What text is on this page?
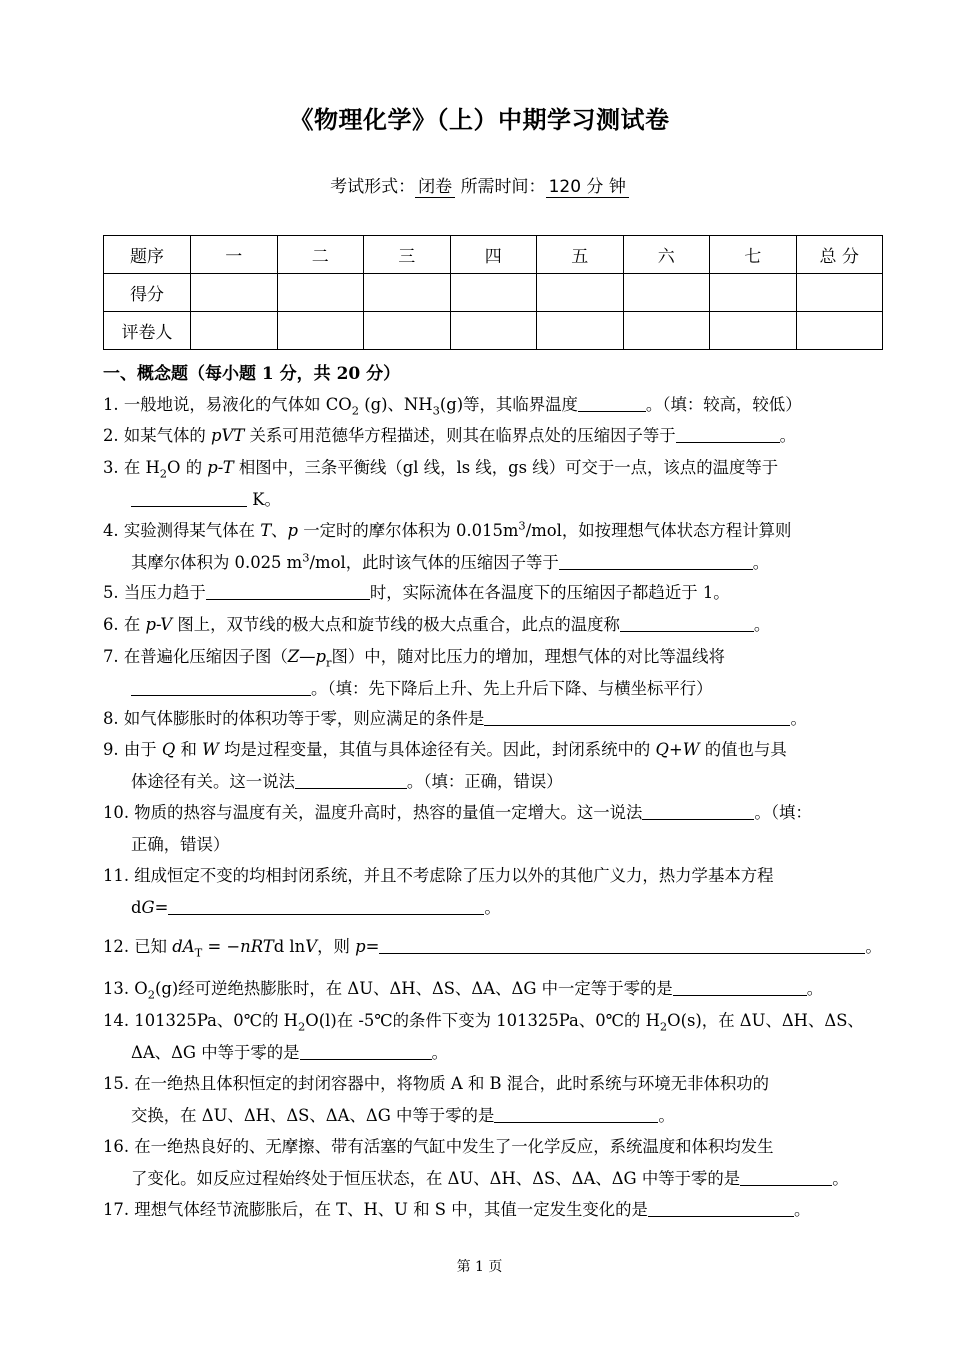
《物理化学》（上）中期学习测试卷
考试形式： 闭卷 所需时间： 120 分 钟
题序	一	二	三	四	五	六	七	总 分
得分								
评卷人								
一、概念题（每小题 1 分，共 20 分）
1. 一般地说，易液化的气体如 $CO_2$ (g)、$NH_3(g)$等，其临界温度	。（填：较高，较低）
2. 如某气体的 pVT 关系可用范德华方程描述，则其在临界点处的压缩因子等于	。
3. 在 $H_2O$ 的 p-T 相图中，三条平衡线（gl 线，ls 线，gs 线）可交于一点，该点的温度等于
K。
4. 实验测得某气体在 T、p 一定时的摩尔体积为 $0.015m^3$/mol，如按理想气体状态方程计算则
其摩尔体积为 0.025 $m^3$/mol，此时该气体的压缩因子等于	。
5. 当压力趋于	时，实际流体在各温度下的压缩因子都趋近于 1。
6. 在 p-V 图上，双节线的极大点和旋节线的极大点重合，此点的温度称	。
7. 在普遍化压缩因子图（$Z—p_r$图）中，随对比压力的增加，理想气体的对比等温线将
。（填：先下降后上升、先上升后下降、与横坐标平行）
8. 如气体膨胀时的体积功等于零，则应满足的条件是	。
9. 由于 Q 和 W 均是过程变量，其值与具体途径有关。因此，封闭系统中的 Q+W 的值也与具
体途径有关。这一说法	。（填：正确，错误）
10. 物质的热容与温度有关，温度升高时，热容的量值一定增大。这一说法	。（填：
正确，错误）
11. 组成恒定不变的均相封闭系统，并且不考虑除了压力以外的其他广义力，热力学基本方程
dG=	。
12. 已知 $dA_T$ = −nRTd lnV，则 p=	。
13. $O_2(g)$经可逆绝热膨胀时，在 ΔU、ΔH、ΔS、ΔA、ΔG 中一定等于零的是	。
14. 101325Pa、0℃的 $H_2O(l)$在 -5℃的条件下变为 101325Pa、0℃的 $H_2O(s)$，在 ΔU、ΔH、ΔS、
ΔA、ΔG 中等于零的是	。
15. 在一绝热且体积恒定的封闭容器中，将物质 A 和 B 混合，此时系统与环境无非体积功的
交换，在 ΔU、ΔH、ΔS、ΔA、ΔG 中等于零的是	。
16. 在一绝热良好的、无摩擦、带有活塞的气缸中发生了一化学反应，系统温度和体积均发生
了变化。如反应过程始终处于恒压状态，在 ΔU、ΔH、ΔS、ΔA、ΔG 中等于零的是	。
17. 理想气体经节流膨胀后，在 T、H、U 和 S 中，其值一定发生变化的是	。
第 1 页
